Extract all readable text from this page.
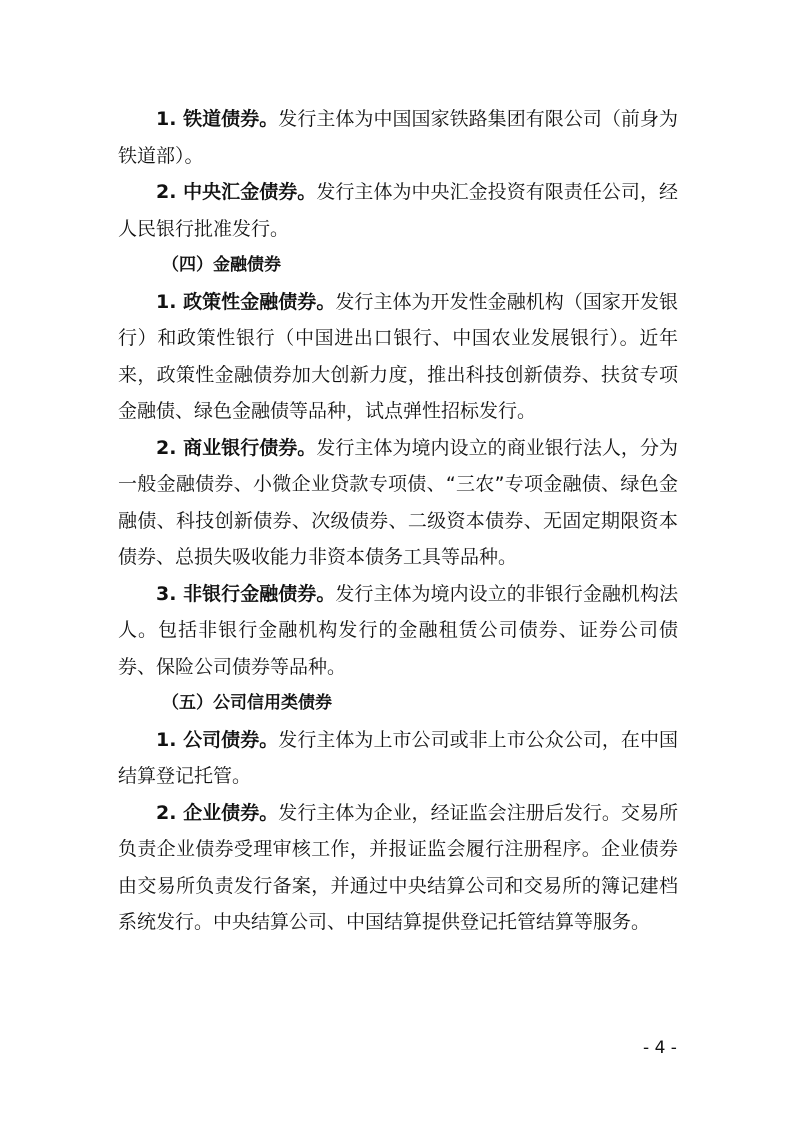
1. 铁道债券。发行主体为中国国家铁路集团有限公司（前身为铁道部）。

2. 中央汇金债券。发行主体为中央汇金投资有限责任公司，经人民银行批准发行。

（四）金融债券

1. 政策性金融债券。发行主体为开发性金融机构（国家开发银行）和政策性银行（中国进出口银行、中国农业发展银行）。近年来，政策性金融债券加大创新力度，推出科技创新债券、扶贫专项金融债、绿色金融债等品种，试点弹性招标发行。

2. 商业银行债券。发行主体为境内设立的商业银行法人，分为一般金融债券、小微企业贷款专项债、“三农”专项金融债、绿色金融债、科技创新债券、次级债券、二级资本债券、无固定期限资本债券、总损失吸收能力非资本债务工具等品种。

3. 非银行金融债券。发行主体为境内设立的非银行金融机构法人。包括非银行金融机构发行的金融租赁公司债券、证券公司债券、保险公司债券等品种。

（五）公司信用类债券

1. 公司债券。发行主体为上市公司或非上市公众公司，在中国结算登记托管。

2. 企业债券。发行主体为企业，经证监会注册后发行。交易所负责企业债券受理审核工作，并报证监会履行注册程序。企业债券由交易所负责发行备案，并通过中央结算公司和交易所的簿记建档系统发行。中央结算公司、中国结算提供登记托管结算等服务。

- 4 -
